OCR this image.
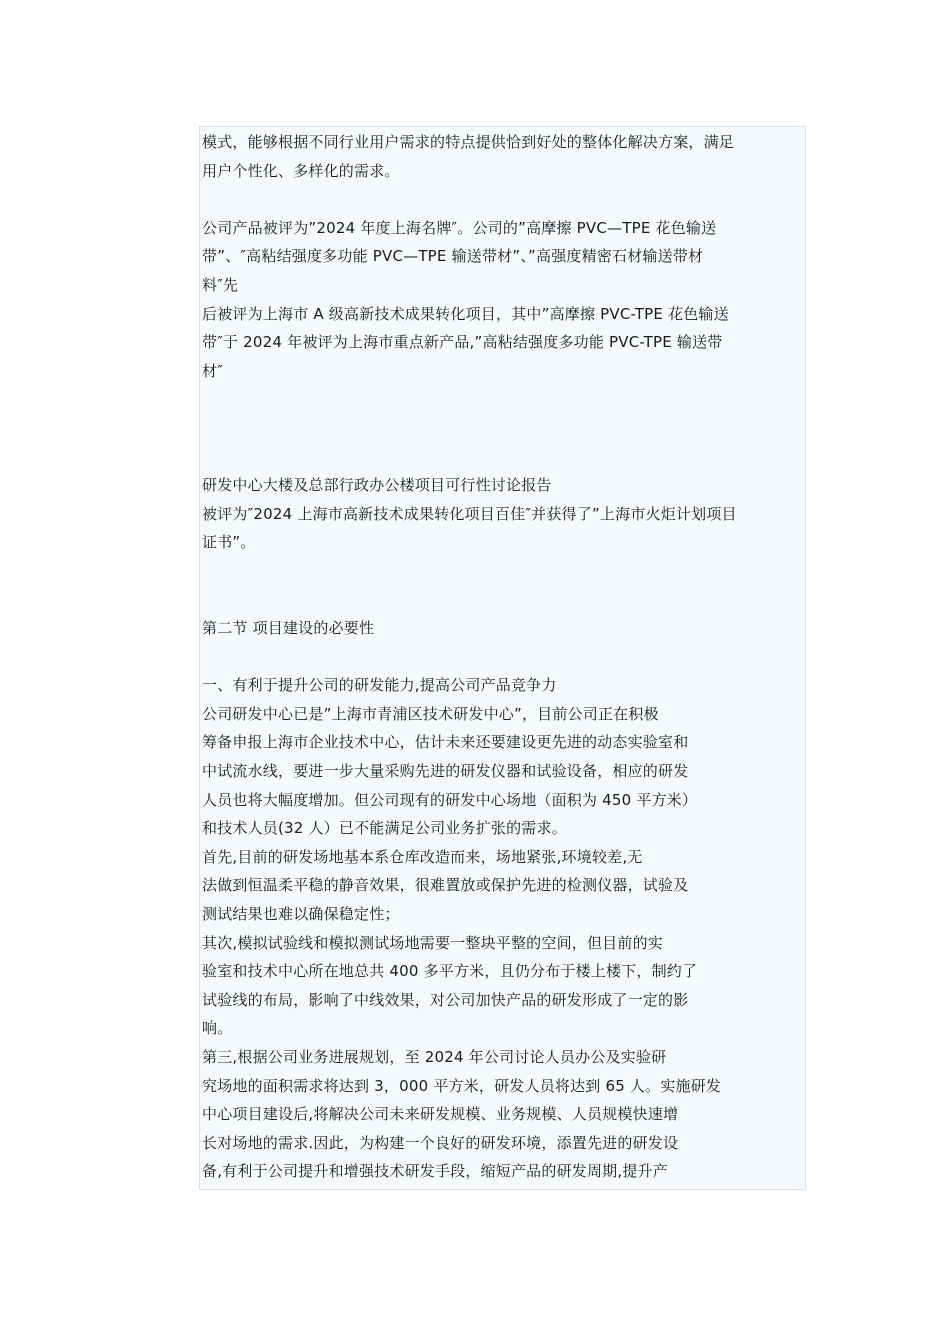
模式，能够根据不同行业用户需求的特点提供恰到好处的整体化解决方案，满足
用户个性化、多样化的需求。
公司产品被评为”2024 年度上海名牌″。公司的”高摩擦 PVC—TPE 花色输送
带”、″高粘结强度多功能 PVC—TPE 输送带材”、”高强度精密石材输送带材
料″先
后被评为上海市 A 级高新技术成果转化项目，其中”高摩擦 PVC-TPE 花色输送
带″于 2024 年被评为上海市重点新产品,”高粘结强度多功能 PVC-TPE 输送带
材″
研发中心大楼及总部行政办公楼项目可行性讨论报告
被评为″2024 上海市高新技术成果转化项目百佳″并获得了”上海市火炬计划项目
证书”。
第二节 项目建设的必要性
一、有利于提升公司的研发能力,提高公司产品竞争力
公司研发中心已是”上海市青浦区技术研发中心”，目前公司正在积极
筹备申报上海市企业技术中心，估计未来还要建设更先进的动态实验室和
中试流水线，要进一步大量采购先进的研发仪器和试验设备，相应的研发
人员也将大幅度增加。但公司现有的研发中心场地（面积为 450 平方米）
和技术人员(32 人）已不能满足公司业务扩张的需求。
首先,目前的研发场地基本系仓库改造而来，场地紧张,环境较差,无
法做到恒温柔平稳的静音效果，很难置放或保护先进的检测仪器，试验及
测试结果也难以确保稳定性；
其次,模拟试验线和模拟测试场地需要一整块平整的空间，但目前的实
验室和技术中心所在地总共 400 多平方米，且仍分布于楼上楼下，制约了
试验线的布局，影响了中线效果，对公司加快产品的研发形成了一定的影
响。
第三,根据公司业务进展规划，至 2024 年公司讨论人员办公及实验研
究场地的面积需求将达到 3，000 平方米，研发人员将达到 65 人。实施研发
中心项目建设后,将解决公司未来研发规模、业务规模、人员规模快速增
长对场地的需求.因此，为构建一个良好的研发环境，添置先进的研发设
备,有利于公司提升和增强技术研发手段，缩短产品的研发周期,提升产
